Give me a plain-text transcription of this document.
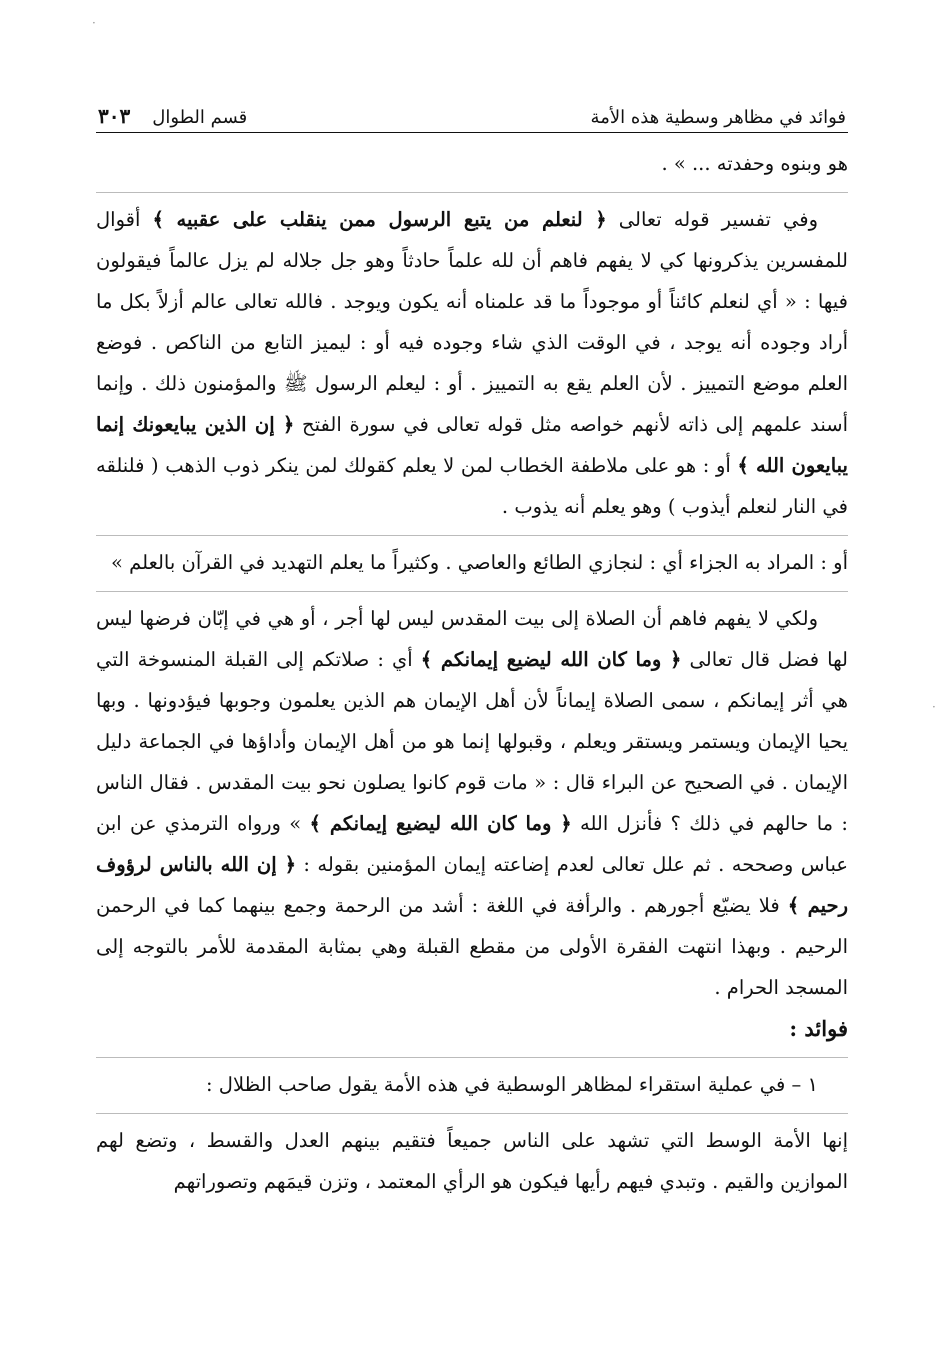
·
·
فوائد في مظاهر وسطية هذه الأمة
قسم الطوال
٣٠٣

هو وبنوه وحفدته ... » .

وفي تفسير قوله تعالى ﴿ لنعلم من يتبع الرسول ممن ينقلب على عقبيه ﴾ أقوال للمفسرين يذكرونها كي لا يفهم فاهم أن لله علماً حادثاً وهو جل جلاله لم يزل عالماً فيقولون فيها : « أي لنعلم كائناً أو موجوداً ما قد علمناه أنه يكون ويوجد . فالله تعالى عالم أزلاً بكل ما أراد وجوده أنه يوجد ، في الوقت الذي شاء وجوده فيه أو : ليميز التابع من الناكص . فوضع العلم موضع التمييز . لأن العلم يقع به التمييز . أو : ليعلم الرسول ﷺ والمؤمنون ذلك . وإنما أسند علمهم إلى ذاته لأنهم خواصه مثل قوله تعالى في سورة الفتح ﴿ إن الذين يبايعونك إنما يبايعون الله ﴾ أو : هو على ملاطفة الخطاب لمن لا يعلم كقولك لمن ينكر ذوب الذهب ( فلنلقه في النار لنعلم أيذوب ) وهو يعلم أنه يذوب .

أو : المراد به الجزاء أي : لنجازي الطائع والعاصي . وكثيراً ما يعلم التهديد في القرآن بالعلم »

ولكي لا يفهم فاهم أن الصلاة إلى بيت المقدس ليس لها أجر ، أو هي في إبّان فرضها ليس لها فضل قال تعالى ﴿ وما كان الله ليضيع إيمانكم ﴾ أي : صلاتكم إلى القبلة المنسوخة التي هي أثر إيمانكم ، سمى الصلاة إيماناً لأن أهل الإيمان هم الذين يعلمون وجوبها فيؤدونها . وبها يحيا الإيمان ويستمر ويستقر ويعلم ، وقبولها إنما هو من أهل الإيمان وأداؤها في الجماعة دليل الإيمان . في الصحيح عن البراء قال : « مات قوم كانوا يصلون نحو بيت المقدس . فقال الناس : ما حالهم في ذلك ؟ فأنزل الله ﴿ وما كان الله ليضيع إيمانكم ﴾ » ورواه الترمذي عن ابن عباس وصححه . ثم علل تعالى لعدم إضاعته إيمان المؤمنين بقوله : ﴿ إن الله بالناس لرؤوف رحيم ﴾ فلا يضيّع أجورهم . والرأفة في اللغة : أشد من الرحمة وجمع بينهما كما في الرحمن الرحيم . وبهذا انتهت الفقرة الأولى من مقطع القبلة وهي بمثابة المقدمة للأمر بالتوجه إلى المسجد الحرام .

فوائد :

١ – في عملية استقراء لمظاهر الوسطية في هذه الأمة يقول صاحب الظلال :

إنها الأمة الوسط التي تشهد على الناس جميعاً فتقيم بينهم العدل والقسط ، وتضع لهم الموازين والقيم . وتبدي فيهم رأيها فيكون هو الرأي المعتمد ، وتزن قيمَهم وتصوراتهم
